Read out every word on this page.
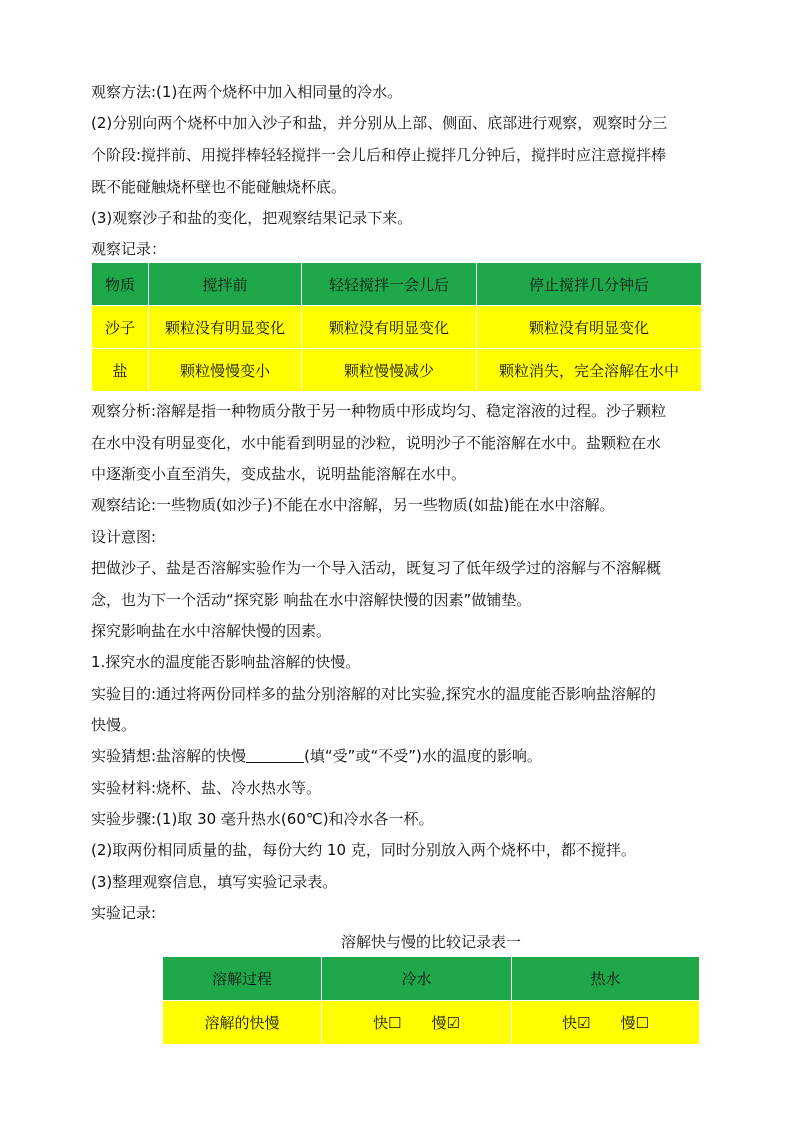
观察方法:(1)在两个烧杯中加入相同量的冷水。
(2)分别向两个烧杯中加入沙子和盐，并分别从上部、侧面、底部进行观察，观察时分三
个阶段:搅拌前、用搅拌棒轻轻搅拌一会儿后和停止搅拌几分钟后，搅拌时应注意搅拌棒
既不能碰触烧杯壁也不能碰触烧杯底。
(3)观察沙子和盐的变化，把观察结果记录下来。
观察记录：
物质	搅拌前	轻轻搅拌一会儿后	停止搅拌几分钟后
沙子	颗粒没有明显变化	颗粒没有明显变化	颗粒没有明显变化
盐	颗粒慢慢变小	颗粒慢慢减少	颗粒消失，完全溶解在水中
观察分析:溶解是指一种物质分散于另一种物质中形成均匀、稳定溶液的过程。沙子颗粒
在水中没有明显变化，水中能看到明显的沙粒，说明沙子不能溶解在水中。盐颗粒在水
中逐渐变小直至消失，变成盐水，说明盐能溶解在水中。
观察结论:一些物质(如沙子)不能在水中溶解，另一些物质(如盐)能在水中溶解。
设计意图:
把做沙子、盐是否溶解实验作为一个导入活动，既复习了低年级学过的溶解与不溶解概
念，也为下一个活动“探究影 响盐在水中溶解快慢的因素”做铺垫。
探究影响盐在水中溶解快慢的因素。
1.探究水的温度能否影响盐溶解的快慢。
实验目的:通过将两份同样多的盐分别溶解的对比实验,探究水的温度能否影响盐溶解的
快慢。
实验猜想:盐溶解的快慢	(填“受”或“不受”)水的温度的影响。
实验材料:烧杯、盐、冷水热水等。
实验步骤:(1)取 30 毫升热水(60℃)和冷水各一杯。
(2)取两份相同质量的盐，每份大约 10 克，同时分别放入两个烧杯中，都不搅拌。
(3)整理观察信息，填写实验记录表。
实验记录:
溶解快与慢的比较记录表一
溶解过程	冷水	热水
溶解的快慢	快☐　　慢☑	快☑　　慢☐
